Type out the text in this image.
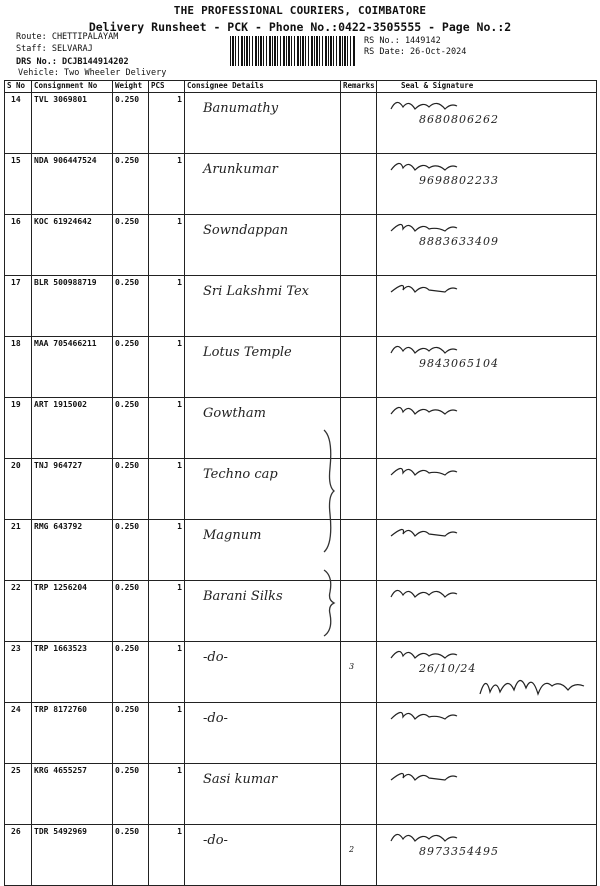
THE PROFESSIONAL COURIERS, COIMBATORE
Delivery Runsheet - PCK - Phone No.:0422-3505555 - Page No.:2
Route: CHETTIPALAYAM
Staff: SELVARAJ
DRS No.: DCJB144914202
Vehicle: Two Wheeler Delivery
RS No.: 1449142
RS Date: 26-Oct-2024
S No	Consignment No	Weight	PCS	Consignee Details	Remarks	Seal & Signature
14	TVL 3069801	0.250	1	Banumathy		8680806262

15	NDA 906447524	0.250	1	Arunkumar		9698802233

16	KOC 61924642	0.250	1	Sowndappan		8883633409

17	BLR 500988719	0.250	1	Sri Lakshmi Tex

18	MAA 705466211	0.250	1	Lotus Temple		9843065104

19	ART 1915002	0.250	1	Gowtham

20	TNJ 964727	0.250	1	Techno cap

21	RMG 643792	0.250	1	Magnum

22	TRP 1256204	0.250	1	Barani Silks

23	TRP 1663523	0.250	1	-do-	3	26/10/24

24	TRP 8172760	0.250	1	-do-

25	KRG 4655257	0.250	1	Sasi kumar

26	TDR 5492969	0.250	1	-do-	2	8973354495
